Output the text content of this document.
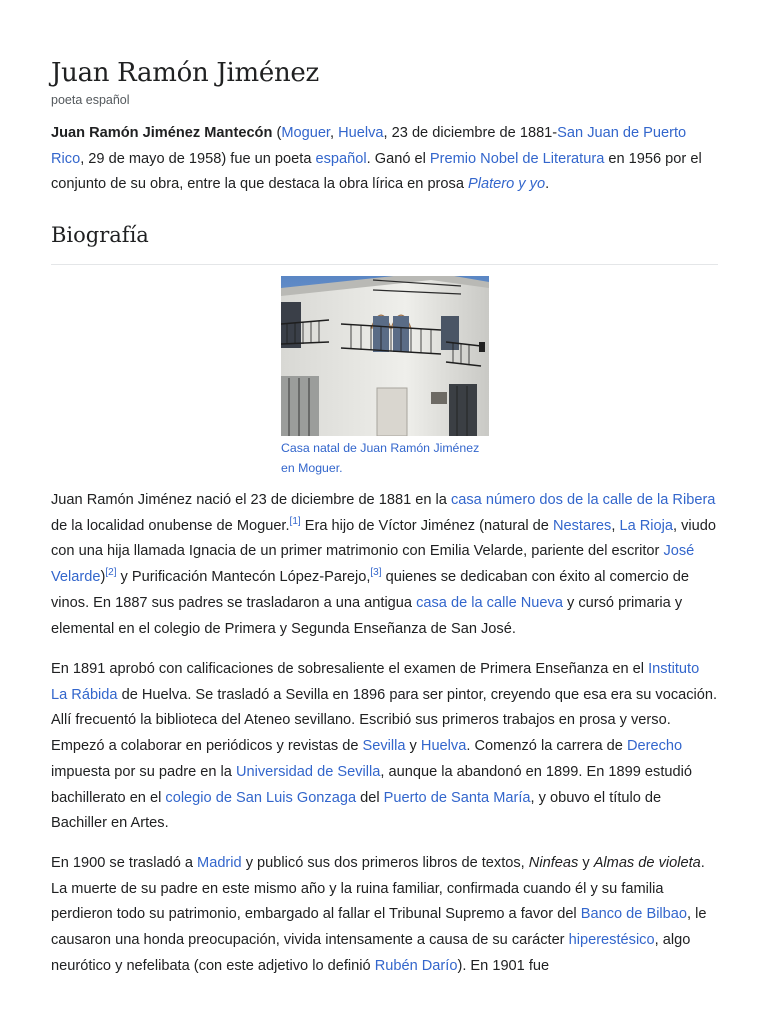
Juan Ramón Jiménez
poeta español

Juan Ramón Jiménez Mantecón (Moguer, Huelva, 23 de diciembre de 1881-San Juan de Puerto Rico, 29 de mayo de 1958) fue un poeta español. Ganó el Premio Nobel de Literatura en 1956 por el conjunto de su obra, entre la que destaca la obra lírica en prosa Platero y yo.

Biografía
Casa natal de Juan Ramón Jiménez en Moguer.

Juan Ramón Jiménez nació el 23 de diciembre de 1881 en la casa número dos de la calle de la Ribera de la localidad onubense de Moguer.[1] Era hijo de Víctor Jiménez (natural de Nestares, La Rioja, viudo con una hija llamada Ignacia de un primer matrimonio con Emilia Velarde, pariente del escritor José Velarde)[2] y Purificación Mantecón López-Parejo,[3] quienes se dedicaban con éxito al comercio de vinos. En 1887 sus padres se trasladaron a una antigua casa de la calle Nueva y cursó primaria y elemental en el colegio de Primera y Segunda Enseñanza de San José.

En 1891 aprobó con calificaciones de sobresaliente el examen de Primera Enseñanza en el Instituto La Rábida de Huelva. Se trasladó a Sevilla en 1896 para ser pintor, creyendo que esa era su vocación. Allí frecuentó la biblioteca del Ateneo sevillano. Escribió sus primeros trabajos en prosa y verso. Empezó a colaborar en periódicos y revistas de Sevilla y Huelva. Comenzó la carrera de Derecho impuesta por su padre en la Universidad de Sevilla, aunque la abandonó en 1899. En 1899 estudió bachillerato en el colegio de San Luis Gonzaga del Puerto de Santa María, y obuvo el título de Bachiller en Artes.

En 1900 se trasladó a Madrid y publicó sus dos primeros libros de textos, Ninfeas y Almas de violeta. La muerte de su padre en este mismo año y la ruina familiar, confirmada cuando él y su familia perdieron todo su patrimonio, embargado al fallar el Tribunal Supremo a favor del Banco de Bilbao, le causaron una honda preocupación, vivida intensamente a causa de su carácter hiperestésico, algo neurótico y nefelibata (con este adjetivo lo definió Rubén Darío). En 1901 fue
